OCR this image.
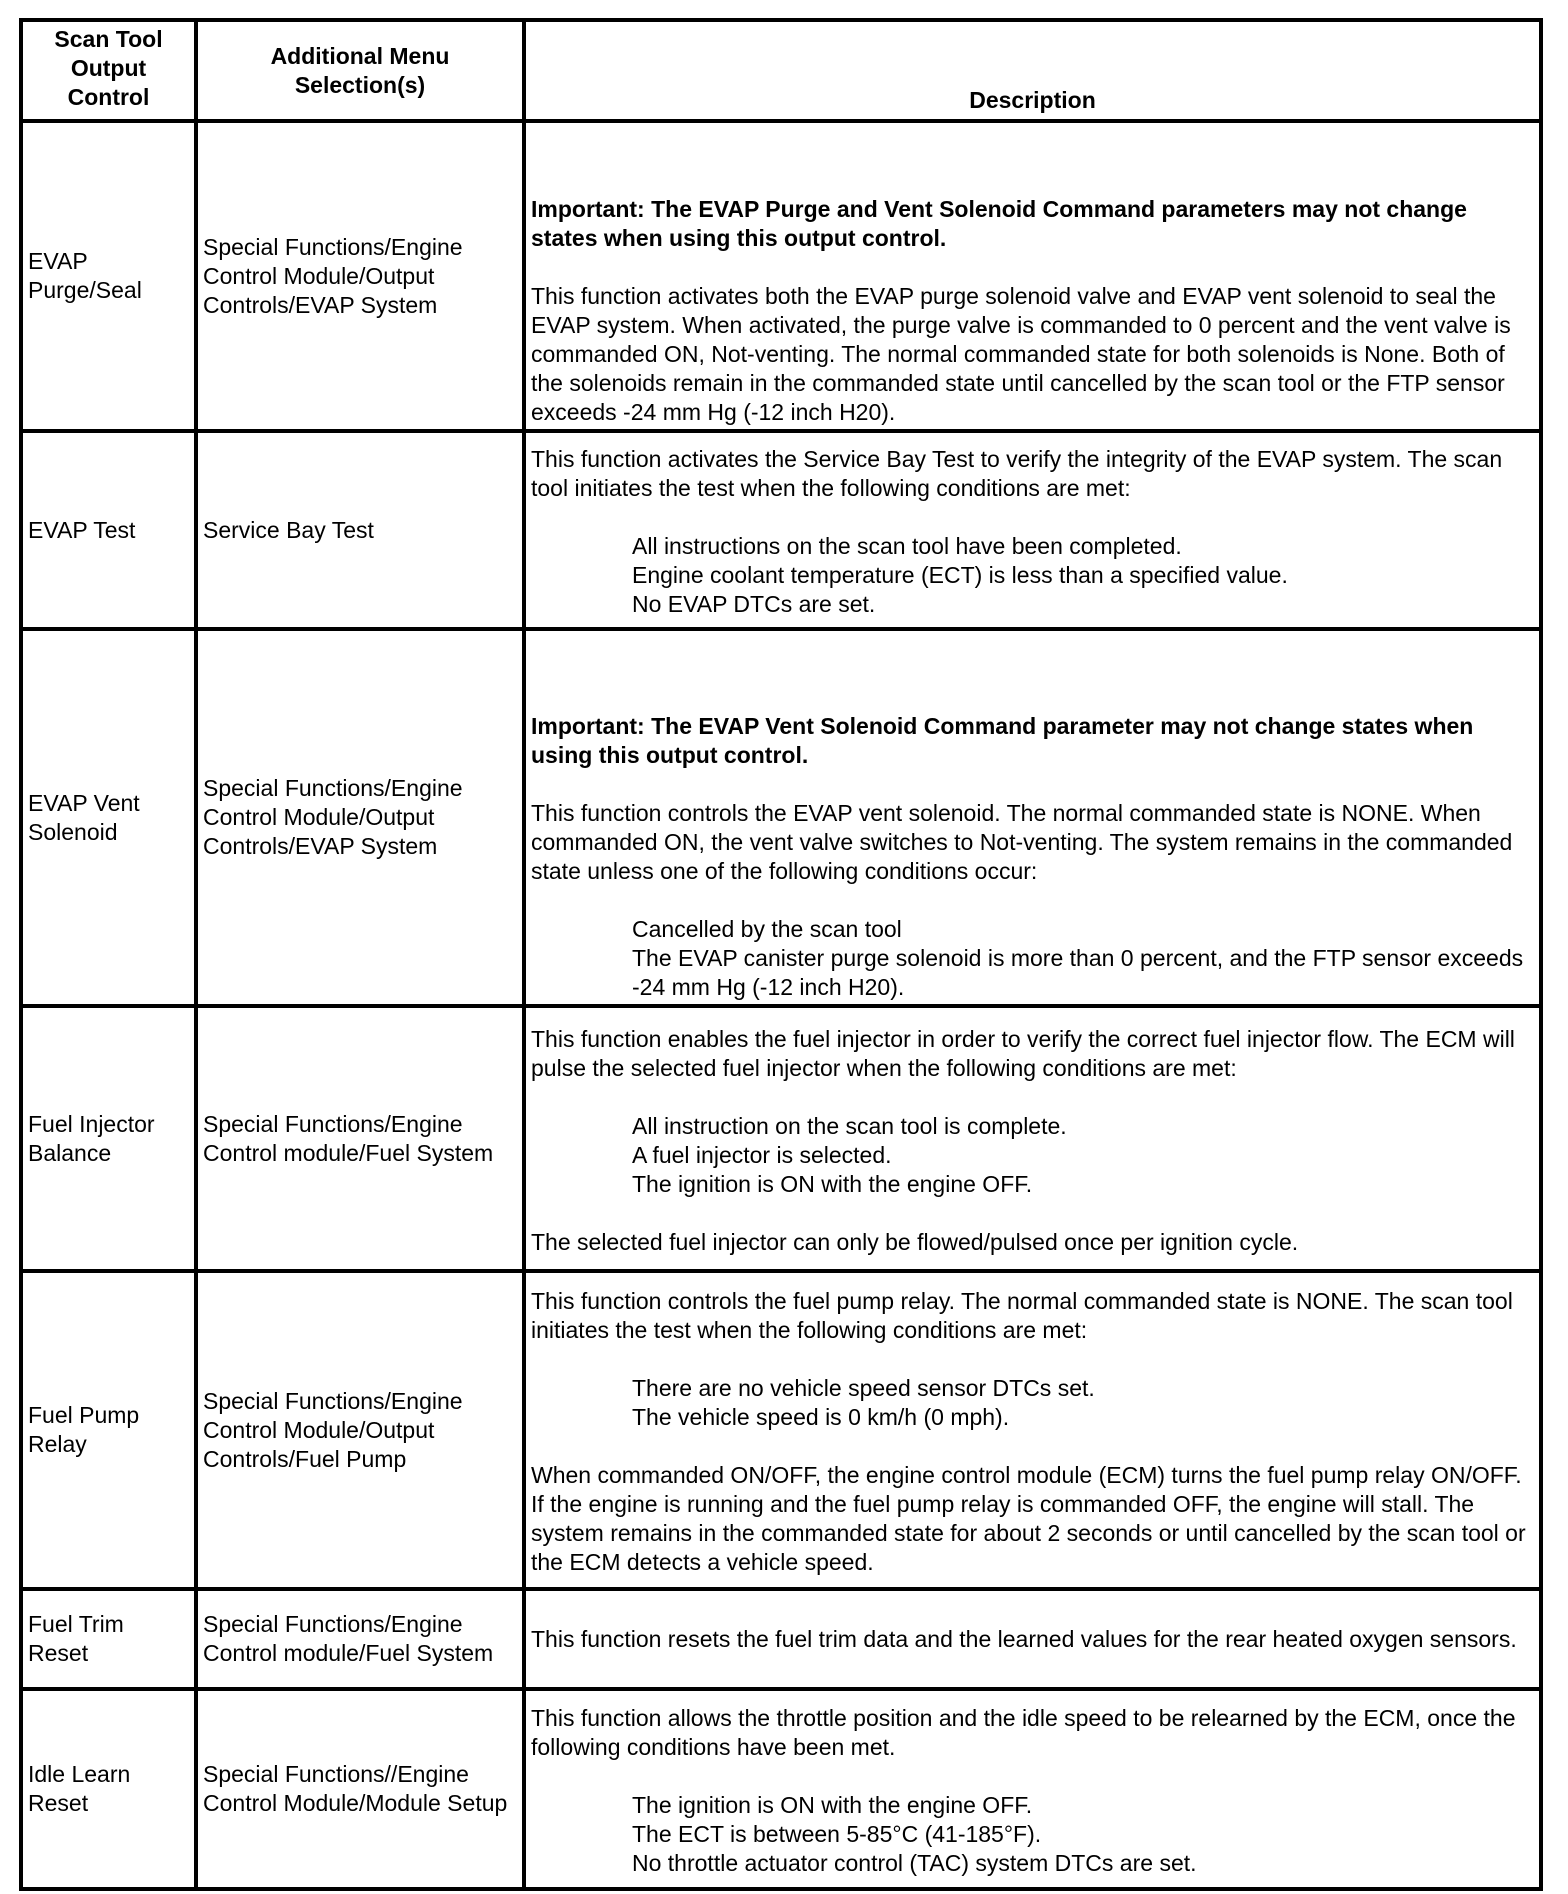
Scan Tool Output Control	Additional Menu Selection(s)	Description
EVAP Purge/Seal	Special Functions/Engine Control Module/Output Controls/EVAP System	Important: The EVAP Purge and Vent Solenoid Command parameters may not change states when using this output control.

This function activates both the EVAP purge solenoid valve and EVAP vent solenoid to seal the EVAP system. When activated, the purge valve is commanded to 0 percent and the vent valve is commanded ON, Not-venting. The normal commanded state for both solenoids is None. Both of the solenoids remain in the commanded state until cancelled by the scan tool or the FTP sensor exceeds -24 mm Hg (-12 inch H20).

EVAP Test	Service Bay Test	This function activates the Service Bay Test to verify the integrity of the EVAP system. The scan tool initiates the test when the following conditions are met:

All instructions on the scan tool have been completed.

Engine coolant temperature (ECT) is less than a specified value.

No EVAP DTCs are set.

EVAP Vent Solenoid	Special Functions/Engine Control Module/Output Controls/EVAP System	Important: The EVAP Vent Solenoid Command parameter may not change states when using this output control.

This function controls the EVAP vent solenoid. The normal commanded state is NONE. When commanded ON, the vent valve switches to Not-venting. The system remains in the commanded state unless one of the following conditions occur:

Cancelled by the scan tool

The EVAP canister purge solenoid is more than 0 percent, and the FTP sensor exceeds -24 mm Hg (-12 inch H20).

Fuel Injector Balance	Special Functions/Engine Control module/Fuel System	This function enables the fuel injector in order to verify the correct fuel injector flow. The ECM will pulse the selected fuel injector when the following conditions are met:

All instruction on the scan tool is complete.

A fuel injector is selected.

The ignition is ON with the engine OFF.

The selected fuel injector can only be flowed/pulsed once per ignition cycle.

Fuel Pump Relay	Special Functions/Engine Control Module/Output Controls/Fuel Pump	This function controls the fuel pump relay. The normal commanded state is NONE. The scan tool initiates the test when the following conditions are met:

There are no vehicle speed sensor DTCs set.

The vehicle speed is 0 km/h (0 mph).

When commanded ON/OFF, the engine control module (ECM) turns the fuel pump relay ON/OFF. If the engine is running and the fuel pump relay is commanded OFF, the engine will stall. The system remains in the commanded state for about 2 seconds or until cancelled by the scan tool or the ECM detects a vehicle speed.

Fuel Trim Reset	Special Functions/Engine Control module/Fuel System	This function resets the fuel trim data and the learned values for the rear heated oxygen sensors.

Idle Learn Reset	Special Functions//Engine Control Module/Module Setup	This function allows the throttle position and the idle speed to be relearned by the ECM, once the following conditions have been met.

The ignition is ON with the engine OFF.

The ECT is between 5-85°C (41-185°F).

No throttle actuator control (TAC) system DTCs are set.
